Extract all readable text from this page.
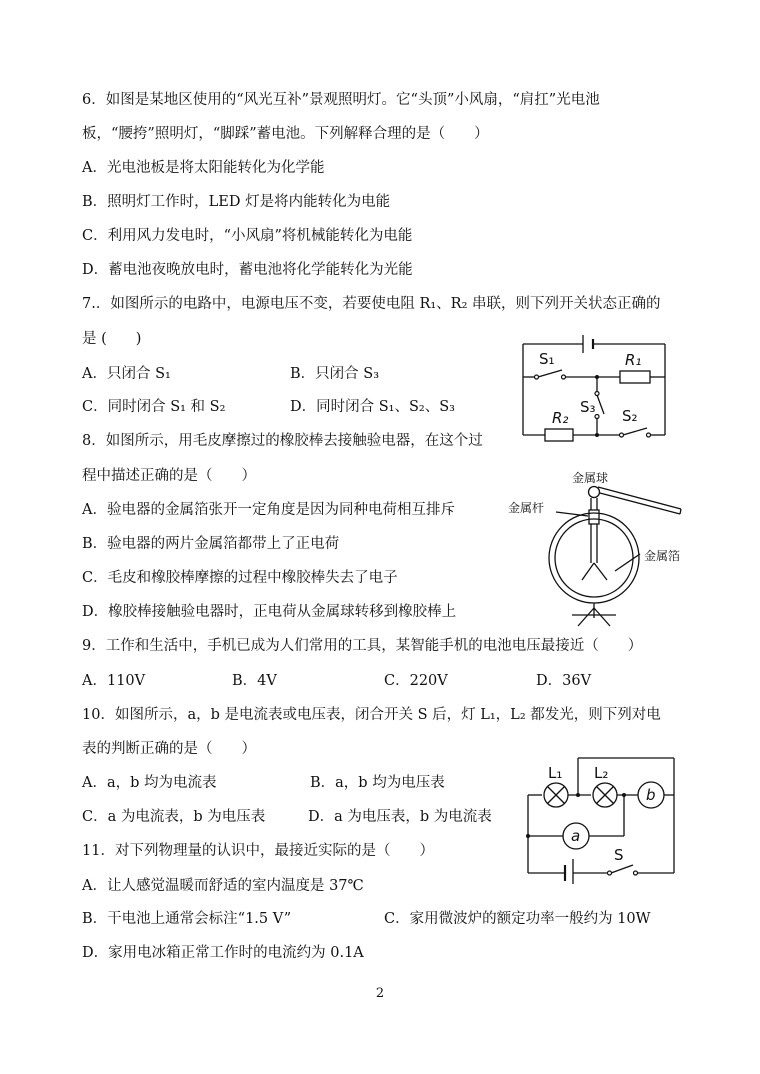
6．如图是某地区使用的“风光互补”景观照明灯。它“头顶”小风扇，“肩扛”光电池
板，“腰挎”照明灯，“脚踩”蓄电池。下列解释合理的是（　　）
A．光电池板是将太阳能转化为化学能
B．照明灯工作时，LED 灯是将内能转化为电能
C．利用风力发电时，“小风扇”将机械能转化为电能
D．蓄电池夜晚放电时，蓄电池将化学能转化为光能
7.．如图所示的电路中，电源电压不变，若要使电阻 R₁、R₂ 串联，则下列开关状态正确的
是 (　　)
A．只闭合 S₁	B．只闭合 S₃
C．同时闭合 S₁ 和 S₂	D．同时闭合 S₁、S₂、S₃
S₁	R₁
S₃ S₂
R₂
8．如图所示，用毛皮摩擦过的橡胶棒去接触验电器，在这个过
程中描述正确的是（　　）
A．验电器的金属箔张开一定角度是因为同种电荷相互排斥
B．验电器的两片金属箔都带上了正电荷
C．毛皮和橡胶棒摩擦的过程中橡胶棒失去了电子
D．橡胶棒接触验电器时，正电荷从金属球转移到橡胶棒上
金属球
金属杆
金属箔
9．工作和生活中，手机已成为人们常用的工具，某智能手机的电池电压最接近（　　）
A．110V	B．4V	C．220V	D．36V
10．如图所示，a，b 是电流表或电压表，闭合开关 S 后，灯 L₁，L₂ 都发光，则下列对电
表的判断正确的是（　　）
A．a，b 均为电流表	B．a，b 均为电压表
C．a 为电流表，b 为电压表	D．a 为电压表，b 为电流表
L₁ L₂
b
a
S
11．对下列物理量的认识中，最接近实际的是（　　）
A．让人感觉温暖而舒适的室内温度是 37℃
B．干电池上通常会标注“1.5 V”	C．家用微波炉的额定功率一般约为 10W
D．家用电冰箱正常工作时的电流约为 0.1A
2
